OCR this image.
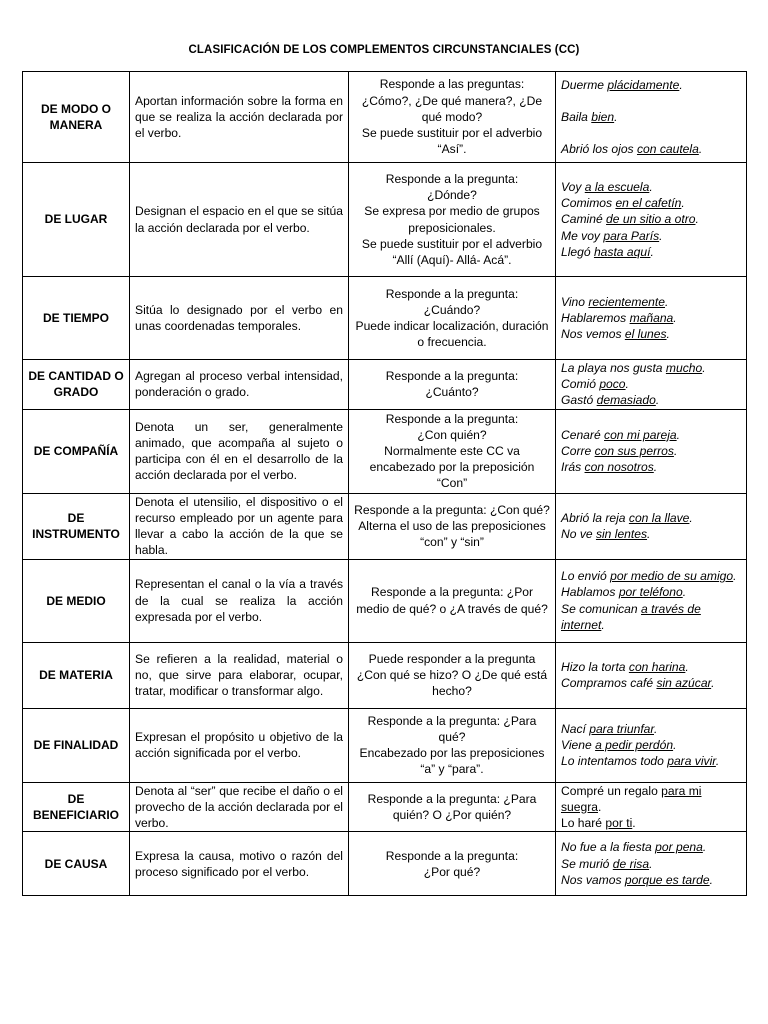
CLASIFICACIÓN DE LOS COMPLEMENTOS CIRCUNSTANCIALES (CC)
DE MODO O MANERA	Aportan información sobre la forma en que se realiza la acción declarada por el verbo.	Responde a las preguntas:
¿Cómo?, ¿De qué manera?, ¿De qué modo?
Se puede sustituir por el adverbio “Así”.	Duerme plácidamente.
Baila bien.
Abrió los ojos con cautela.

DE LUGAR	Designan el espacio en el que se sitúa la acción declarada por el verbo.	Responde a la pregunta:
¿Dónde?
Se expresa por medio de grupos preposicionales.
Se puede sustituir por el adverbio “Allí (Aquí)- Allá- Acá”.	Voy a la escuela.
Comimos en el cafetín.
Caminé de un sitio a otro.
Me voy para París.
Llegó hasta aquí.

DE TIEMPO	Sitúa lo designado por el verbo en unas coordenadas temporales.	Responde a la pregunta:
¿Cuándo?
Puede indicar localización, duración o frecuencia.	Vino recientemente.
Hablaremos mañana.
Nos vemos el lunes.

DE CANTIDAD O GRADO	Agregan al proceso verbal intensidad, ponderación o grado.	Responde a la pregunta:
¿Cuánto?	La playa nos gusta mucho.
Comió poco.
Gastó demasiado.

DE COMPAÑÍA	Denota un ser, generalmente animado, que acompaña al sujeto o participa con él en el desarrollo de la acción declarada por el verbo.	Responde a la pregunta:
¿Con quién?
Normalmente este CC va encabezado por la preposición “Con”	Cenaré con mi pareja.
Corre con sus perros.
Irás con nosotros.

DE INSTRUMENTO	Denota el utensilio, el dispositivo o el recurso empleado por un agente para llevar a cabo la acción de la que se habla.	Responde a la pregunta: ¿Con qué?
Alterna el uso de las preposiciones “con” y “sin”	Abrió la reja con la llave.
No ve sin lentes.

DE MEDIO	Representan el canal o la vía a través de la cual se realiza la acción expresada por el verbo.	Responde a la pregunta: ¿Por medio de qué? o ¿A través de qué?	Lo envió por medio de su amigo.
Hablamos por teléfono.
Se comunican a través de internet.

DE MATERIA	Se refieren a la realidad, material o no, que sirve para elaborar, ocupar, tratar, modificar o transformar algo.	Puede responder a la pregunta ¿Con qué se hizo? O ¿De qué está hecho?	Hizo la torta con harina.
Compramos café sin azúcar.

DE FINALIDAD	Expresan el propósito u objetivo de la acción significada por el verbo.	Responde a la pregunta: ¿Para qué?
Encabezado por las preposiciones “a” y “para”.	Nací para triunfar.
Viene a pedir perdón.
Lo intentamos todo para vivir.

DE BENEFICIARIO	Denota al “ser” que recibe el daño o el provecho de la acción declarada por el verbo.	Responde a la pregunta: ¿Para quién? O ¿Por quién?	Compré un regalo para mi suegra.
Lo haré por ti.

DE CAUSA	Expresa la causa, motivo o razón del proceso significado por el verbo.	Responde a la pregunta:
¿Por qué?	No fue a la fiesta por pena.
Se murió de risa.
Nos vamos porque es tarde.
